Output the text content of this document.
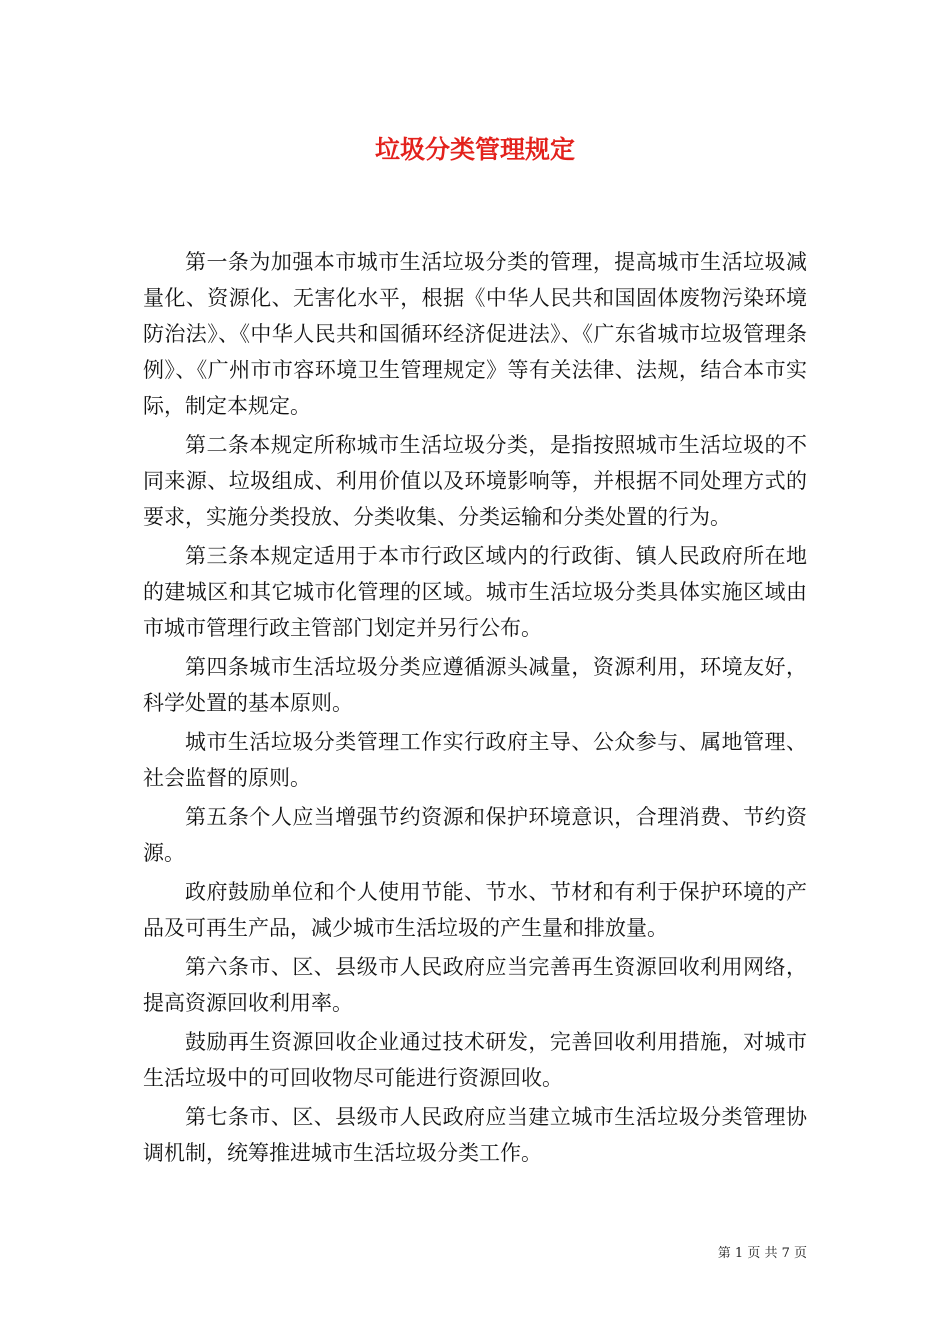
垃圾分类管理规定

第一条为加强本市城市生活垃圾分类的管理，提高城市生活垃圾减量化、资源化、无害化水平，根据《中华人民共和国固体废物污染环境防治法》、《中华人民共和国循环经济促进法》、《广东省城市垃圾管理条例》、《广州市市容环境卫生管理规定》等有关法律、法规，结合本市实际，制定本规定。

第二条本规定所称城市生活垃圾分类，是指按照城市生活垃圾的不同来源、垃圾组成、利用价值以及环境影响等，并根据不同处理方式的要求，实施分类投放、分类收集、分类运输和分类处置的行为。

第三条本规定适用于本市行政区域内的行政街、镇人民政府所在地的建城区和其它城市化管理的区域。城市生活垃圾分类具体实施区域由市城市管理行政主管部门划定并另行公布。

第四条城市生活垃圾分类应遵循源头减量，资源利用，环境友好，科学处置的基本原则。

城市生活垃圾分类管理工作实行政府主导、公众参与、属地管理、社会监督的原则。

第五条个人应当增强节约资源和保护环境意识，合理消费、节约资源。

政府鼓励单位和个人使用节能、节水、节材和有利于保护环境的产品及可再生产品，减少城市生活垃圾的产生量和排放量。

第六条市、区、县级市人民政府应当完善再生资源回收利用网络，提高资源回收利用率。

鼓励再生资源回收企业通过技术研发，完善回收利用措施，对城市生活垃圾中的可回收物尽可能进行资源回收。

第七条市、区、县级市人民政府应当建立城市生活垃圾分类管理协调机制，统筹推进城市生活垃圾分类工作。

第 1 页 共 7 页
